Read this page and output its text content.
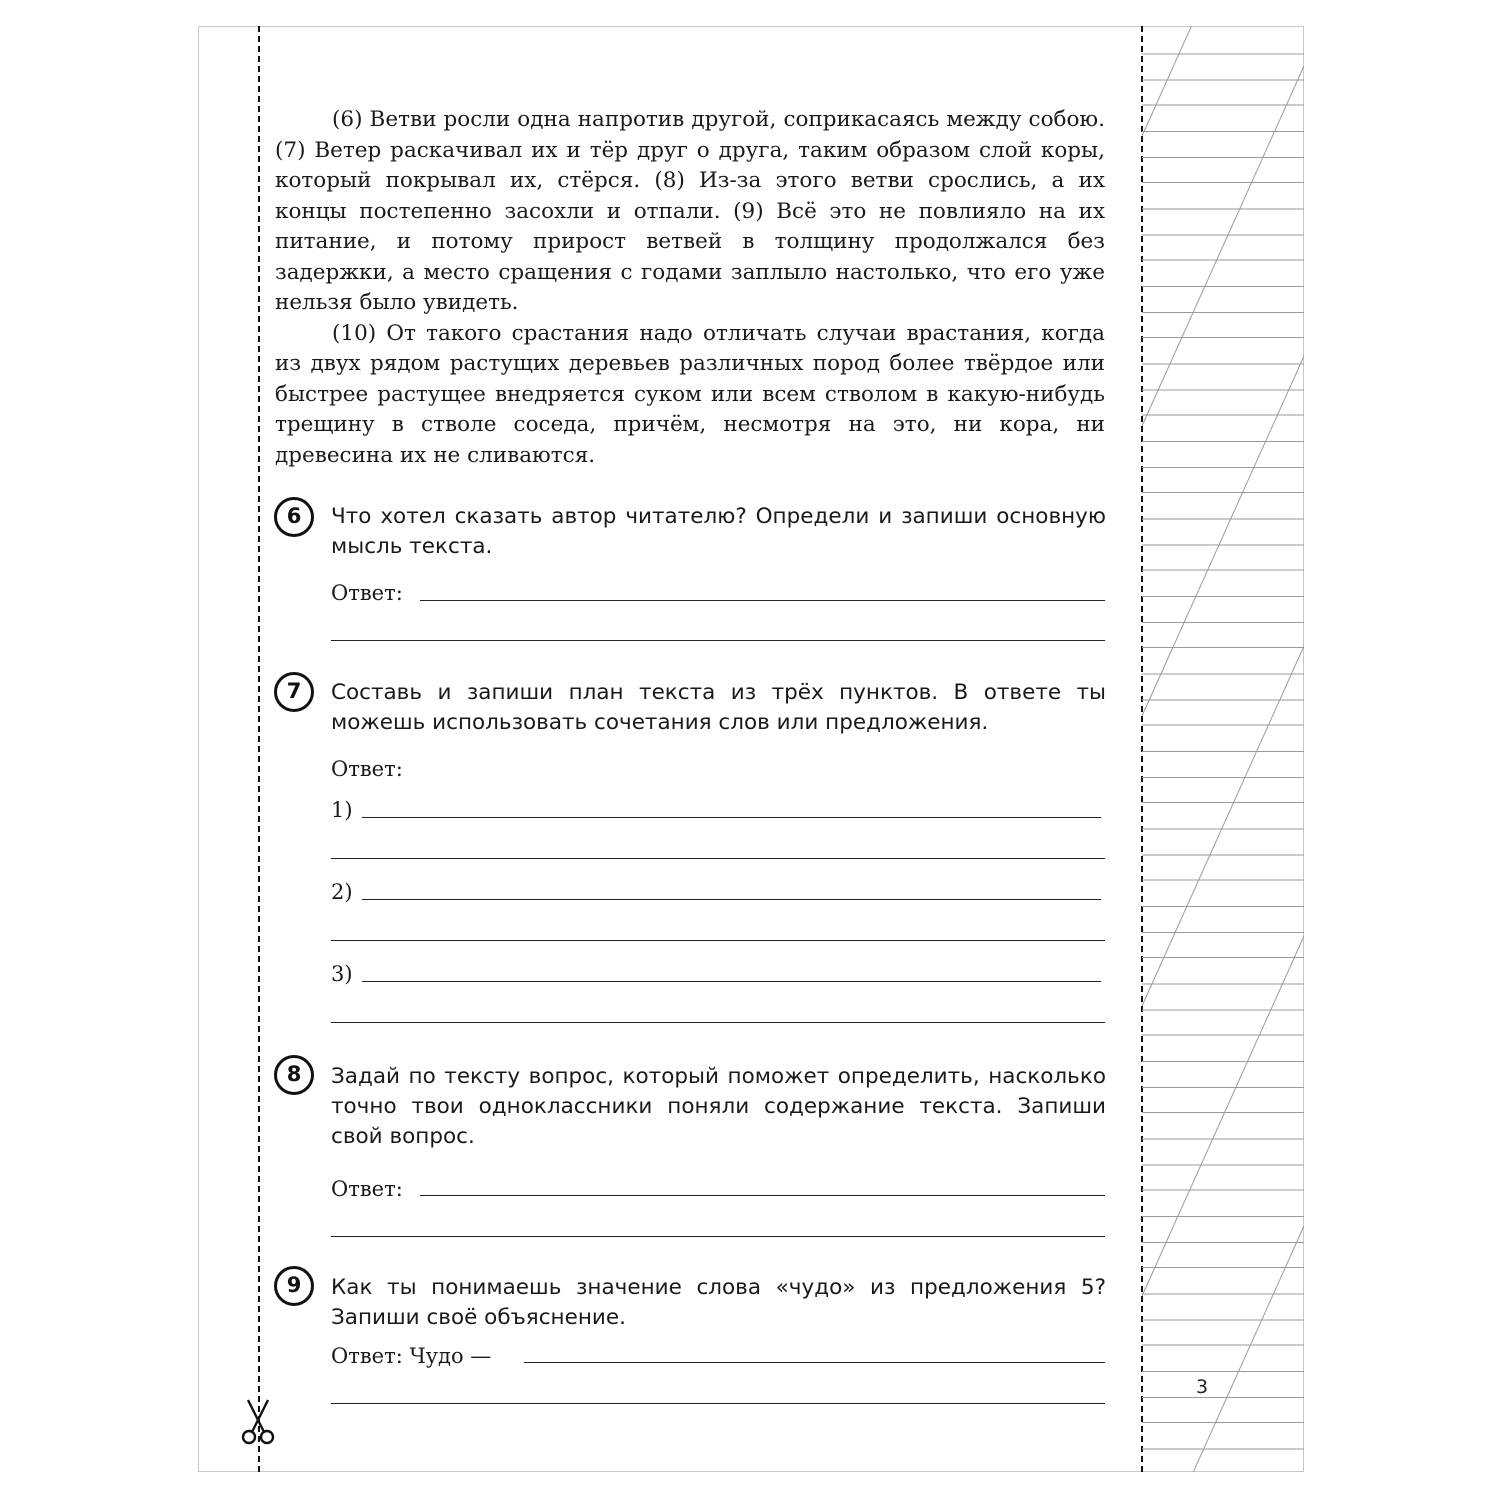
(6) Ветви росли одна напротив другой, соприкасаясь между собою. (7) Ветер раскачивал их и тёр друг о друга, таким образом слой коры, который покрывал их, стёрся. (8) Из-за этого ветви срослись, а их концы постепенно засохли и отпали. (9) Всё это не повлияло на их питание, и потому прирост ветвей в толщину продолжался без задержки, а место сращения с годами заплыло настолько, что его уже нельзя было увидеть.

(10) От такого срастания надо отличать случаи врастания, когда из двух рядом растущих деревьев различных пород более твёрдое или быстрее растущее внедряется суком или всем стволом в какую-нибудь трещину в стволе соседа, причём, несмотря на это, ни кора, ни древесина их не сливаются.

6	Что хотел сказать автор читателю? Определи и запиши основную мысль текста.

Ответ:

7	Составь и запиши план текста из трёх пунктов. В ответе ты можешь использовать сочетания слов или предложения.

Ответ:

1)

2)

3)

8	Задай по тексту вопрос, который поможет определить, насколько точно твои одноклассники поняли содержание текста. Запиши свой вопрос.

Ответ:

9	Как ты понимаешь значение слова «чудо» из предложения 5? Запиши своё объяснение.

Ответ: Чудо —

3
